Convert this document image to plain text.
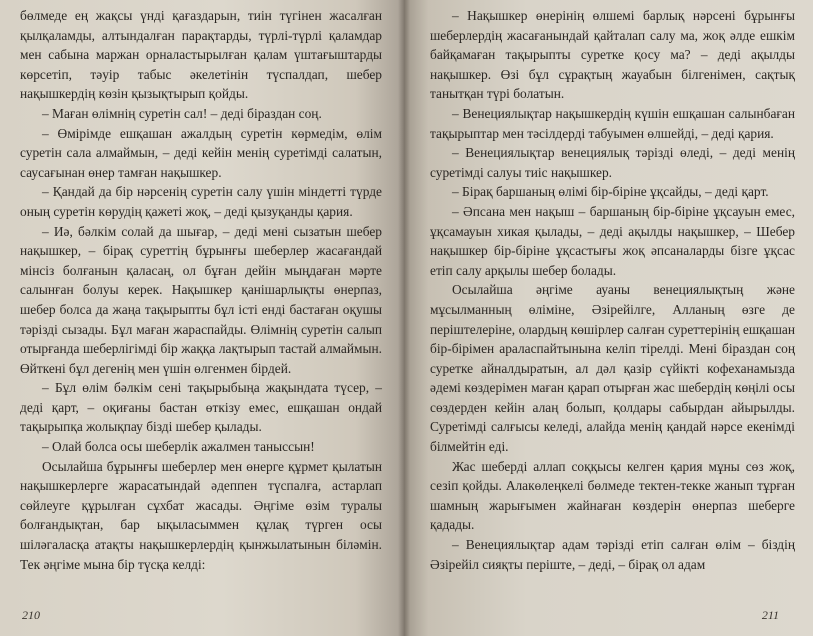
бөлмеде ең жақсы үнді қағаздарын, тиін түгінен жасалған қылқаламды, алтындалған парақтарды, түрлі-түрлі қаламдар мен сабына маржан орналастырылған қалам үштағыштарды көрсетіп, тәуір табыс әкелетінін түспалдап, шебер нақышкердің көзін қызықтырып қойды.

– Маған өлімнің суретін сал! – деді біраздан соң.

– Өмірімде ешқашан ажалдың суретін көрмедім, өлім суретін сала алмаймын, – деді кейін менің суретімді салатын, саусағынан өнер тамған нақышкер.

– Қандай да бір нәрсенің суретін салу үшін міндетті түрде оның суретін көрудің қажеті жоқ, – деді қызуқанды қария.

– Иә, бәлкім солай да шығар, – деді мені сызатын шебер нақышкер, – бірақ суреттің бұрынғы шеберлер жасағандай мінсіз болғанын қаласаң, ол бұған дейін мыңдаған мәрте салынған болуы керек. Нақышкер қанішарлықты өнерпаз, шебер болса да жаңа тақырыпты бұл істі енді бастаған оқушы тәрізді сызады. Бұл маған жараспайды. Өлімнің суретін салып отырғанда шеберлігімді бір жаққа лақтырып тастай алмаймын. Өйткені бұл дегенің мен үшін өлгенмен бірдей.

– Бұл өлім бәлкім сені тақырыбыңа жақындата түсер, – деді қарт, – оқиғаны бастан өткізу емес, ешқашан ондай тақырыпқа жолықпау бізді шебер қылады.

– Олай болса осы шеберлік ажалмен таныссын!

Осылайша бұрынғы шеберлер мен өнерге құрмет қылатын нақышкерлерге жарасатындай әдеппен түспалға, астарлап сөйлеуге құрылған сұхбат жасады. Әңгіме өзім туралы болғандықтан, бар ықыласыммен құлақ түрген осы шіләгаласқа атақты нақышкерлердің қынжылатынын біләмін. Тек әңгіме мына бір түсқа келді:

210

– Нақышкер өнерінің өлшемі барлық нәрсені бұрынғы шеберлердің жасағанындай қайталап салу ма, жоқ әлде ешкім байқамаған тақырыпты суретке қосу ма? – деді ақылды нақышкер. Өзі бұл сұрақтың жауабын білгенімен, сақтық танытқан түрі болатын.

– Венециялықтар нақышкердің күшін ешқашан салынбаған тақырыптар мен тәсілдерді табуымен өлшейді, – деді қария.

– Венециялықтар венециялық тәрізді өледі, – деді менің суретімді салуы тиіс нақышкер.

– Бірақ баршаның өлімі бір-біріне ұқсайды, – деді қарт.

– Әпсана мен нақыш – баршаның бір-біріне ұқсауын емес, ұқсамауын хикая қылады, – деді ақылды нақышкер, – Шебер нақышкер бір-біріне ұқсастығы жоқ әпсаналарды бізге ұқсас етіп салу арқылы шебер болады.

Осылайша әңгіме ауаны венециялықтың және мұсылманның өліміне, Әзірейілге, Алланың өзге де періштелеріне, олардың көшірлер салған суреттерінің ешқашан бір-бірімен араласпайтынына келіп тірелді. Мені біраздан соң суретке айналдыратын, ал дәл қазір сүйікті кофеханамызда әдемі көздерімен маған қарап отырған жас шебердің көңілі осы сөздерден кейін алаң болып, қолдары сабырдан айырылды. Суретімді салғысы келеді, алайда менің қандай нәрсе екенімді білмейтін еді.

Жас шеберді аллап соққысы келген қария мұны сөз жоқ, сезіп қойды. Алакөлеңкелі бөлмеде тектен-текке жанып тұрған шамның жарығымен жайнаған көздерін өнерпаз шеберге қадады.

– Венециялықтар адам тәрізді етіп салған өлім – біздің Әзірейіл сияқты періште, – деді, – бірақ ол адам

211
